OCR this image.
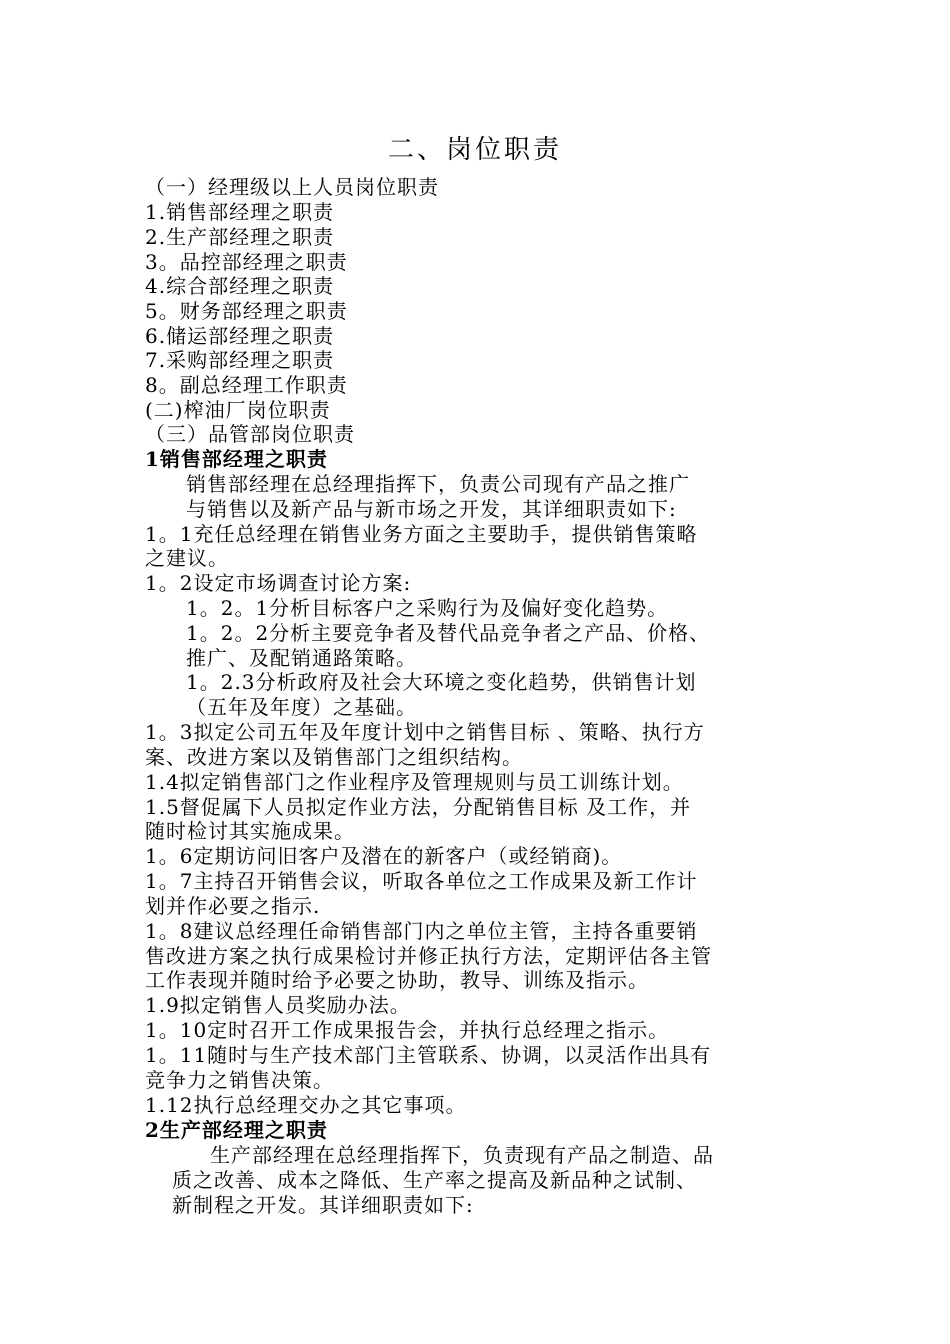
二、岗位职责
（一）经理级以上人员岗位职责
1.销售部经理之职责
2.生产部经理之职责
3。品控部经理之职责
4.综合部经理之职责
5。财务部经理之职责
6.储运部经理之职责
7.采购部经理之职责
8。副总经理工作职责
(二)榨油厂岗位职责
（三）品管部岗位职责
1销售部经理之职责
销售部经理在总经理指挥下，负责公司现有产品之推广
与销售以及新产品与新市场之开发，其详细职责如下:
1。1充任总经理在销售业务方面之主要助手，提供销售策略
之建议。
1。2设定市场调查讨论方案:
1。2。1分析目标客户之采购行为及偏好变化趋势。
1。2。2分析主要竞争者及替代品竞争者之产品、价格、
推广、及配销通路策略。
1。2.3分析政府及社会大环境之变化趋势，供销售计划
（五年及年度）之基础。
1。3拟定公司五年及年度计划中之销售目标 、策略、执行方
案、改进方案以及销售部门之组织结构。
1.4拟定销售部门之作业程序及管理规则与员工训练计划。
1.5督促属下人员拟定作业方法，分配销售目标 及工作，并
随时检讨其实施成果。
1。6定期访问旧客户及潜在的新客户（或经销商)。
1。7主持召开销售会议，听取各单位之工作成果及新工作计
划并作必要之指示.
1。8建议总经理任命销售部门内之单位主管，主持各重要销
售改进方案之执行成果检讨并修正执行方法，定期评估各主管
工作表现并随时给予必要之协助，教导、训练及指示。
1.9拟定销售人员奖励办法。
1。10定时召开工作成果报告会，并执行总经理之指示。
1。11随时与生产技术部门主管联系、协调，以灵活作出具有
竞争力之销售决策。
1.12执行总经理交办之其它事项。
2生产部经理之职责
生产部经理在总经理指挥下，负责现有产品之制造、品
质之改善、成本之降低、生产率之提高及新品种之试制、
新制程之开发。其详细职责如下:
